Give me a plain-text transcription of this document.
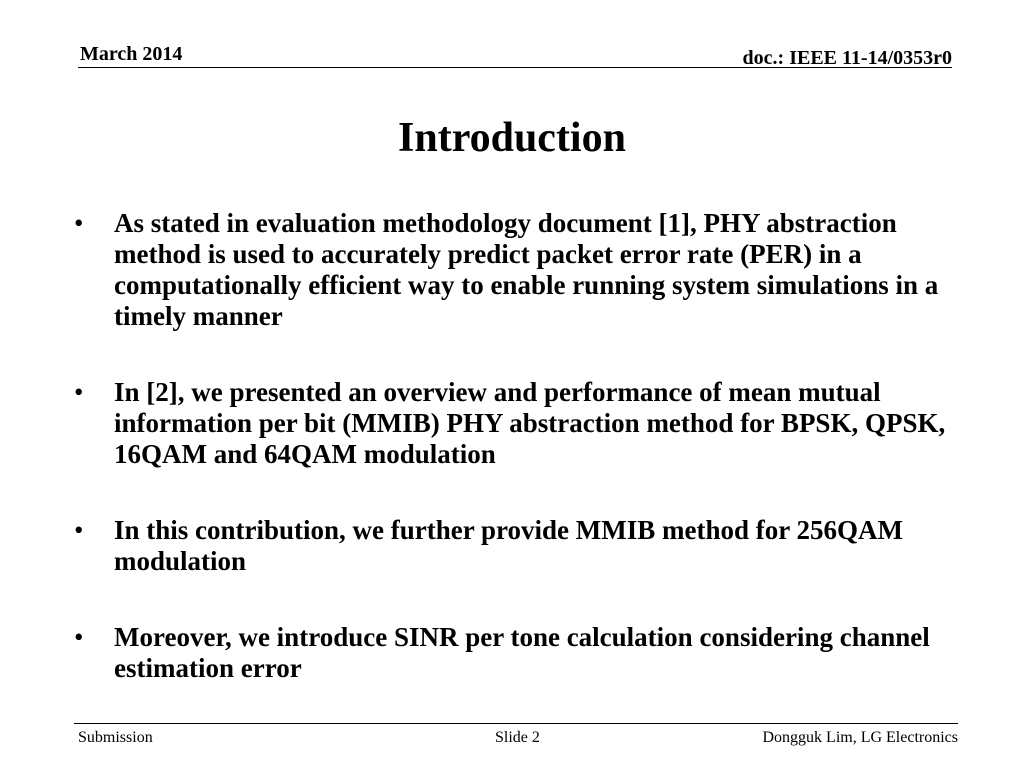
March 2014	doc.: IEEE 11-14/0353r0
Introduction
• As stated in evaluation methodology document [1], PHY abstraction method is used to accurately predict packet error rate (PER) in a computationally efficient way to enable running system simulations in a timely manner
• In [2], we presented an overview and performance of mean mutual information per bit (MMIB) PHY abstraction method for BPSK, QPSK, 16QAM and 64QAM modulation
• In this contribution, we further provide MMIB method for 256QAM modulation
• Moreover, we introduce SINR per tone calculation considering channel estimation error
Submission	Slide 2	Dongguk Lim, LG Electronics
